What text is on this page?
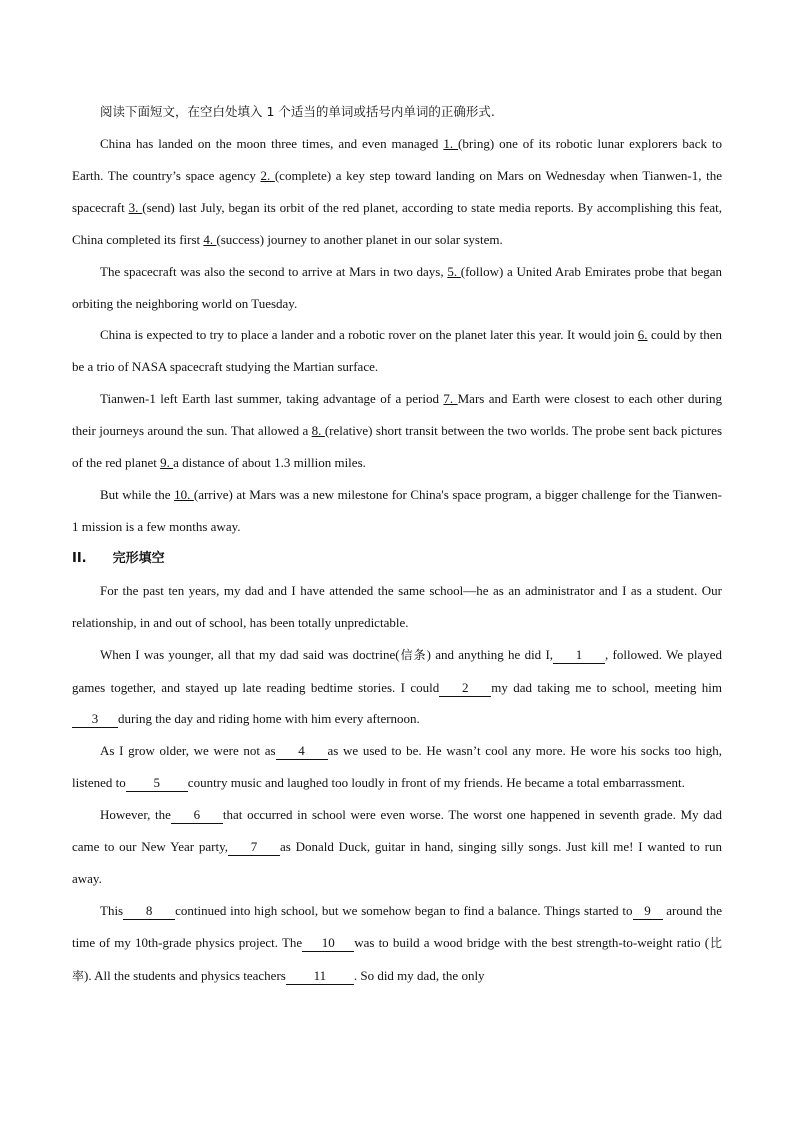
阅读下面短文，在空白处填入 1 个适当的单词或括号内单词的正确形式.

China has landed on the moon three times, and even managed 1. (bring) one of its robotic lunar explorers back to Earth. The country’s space agency 2. (complete) a key step toward landing on Mars on Wednesday when Tianwen-1, the spacecraft 3. (send) last July, began its orbit of the red planet, according to state media reports. By accomplishing this feat, China completed its first 4. (success) journey to another planet in our solar system.

The spacecraft was also the second to arrive at Mars in two days, 5. (follow) a United Arab Emirates probe that began orbiting the neighboring world on Tuesday.

China is expected to try to place a lander and a robotic rover on the planet later this year. It would join 6. could by then be a trio of NASA spacecraft studying the Martian surface.

Tianwen-1 left Earth last summer, taking advantage of a period 7. Mars and Earth were closest to each other during their journeys around the sun. That allowed a 8. (relative) short transit between the two worlds. The probe sent back pictures of the red planet 9. a distance of about 1.3 million miles.

But while the 10. (arrive) at Mars was a new milestone for China's space program, a bigger challenge for the Tianwen-1 mission is a few months away.

II. 完形填空

For the past ten years, my dad and I have attended the same school—he as an administrator and I as a student. Our relationship, in and out of school, has been totally unpredictable.

When I was younger, all that my dad said was doctrine(信条) and anything he did I, 1 , followed. We played games together, and stayed up late reading bedtime stories. I could 2 my dad taking me to school, meeting him3 during the day and riding home with him every afternoon.

As I grow older, we were not as 4 as we used to be. He wasn’t cool any more. He wore his socks too high, listened to 5 country music and laughed too loudly in front of my friends. He became a total embarrassment.

However, the 6 that occurred in school were even worse. The worst one happened in seventh grade. My dad came to our New Year party, 7 as Donald Duck, guitar in hand, singing silly songs. Just kill me! I wanted to run away.

This 8 continued into high school, but we somehow began to find a balance. Things started to 9 around the time of my 10th-grade physics project. The 10 was to build a wood bridge with the best strength-to-weight ratio (比率). All the students and physics teachers 11 . So did my dad, the only
